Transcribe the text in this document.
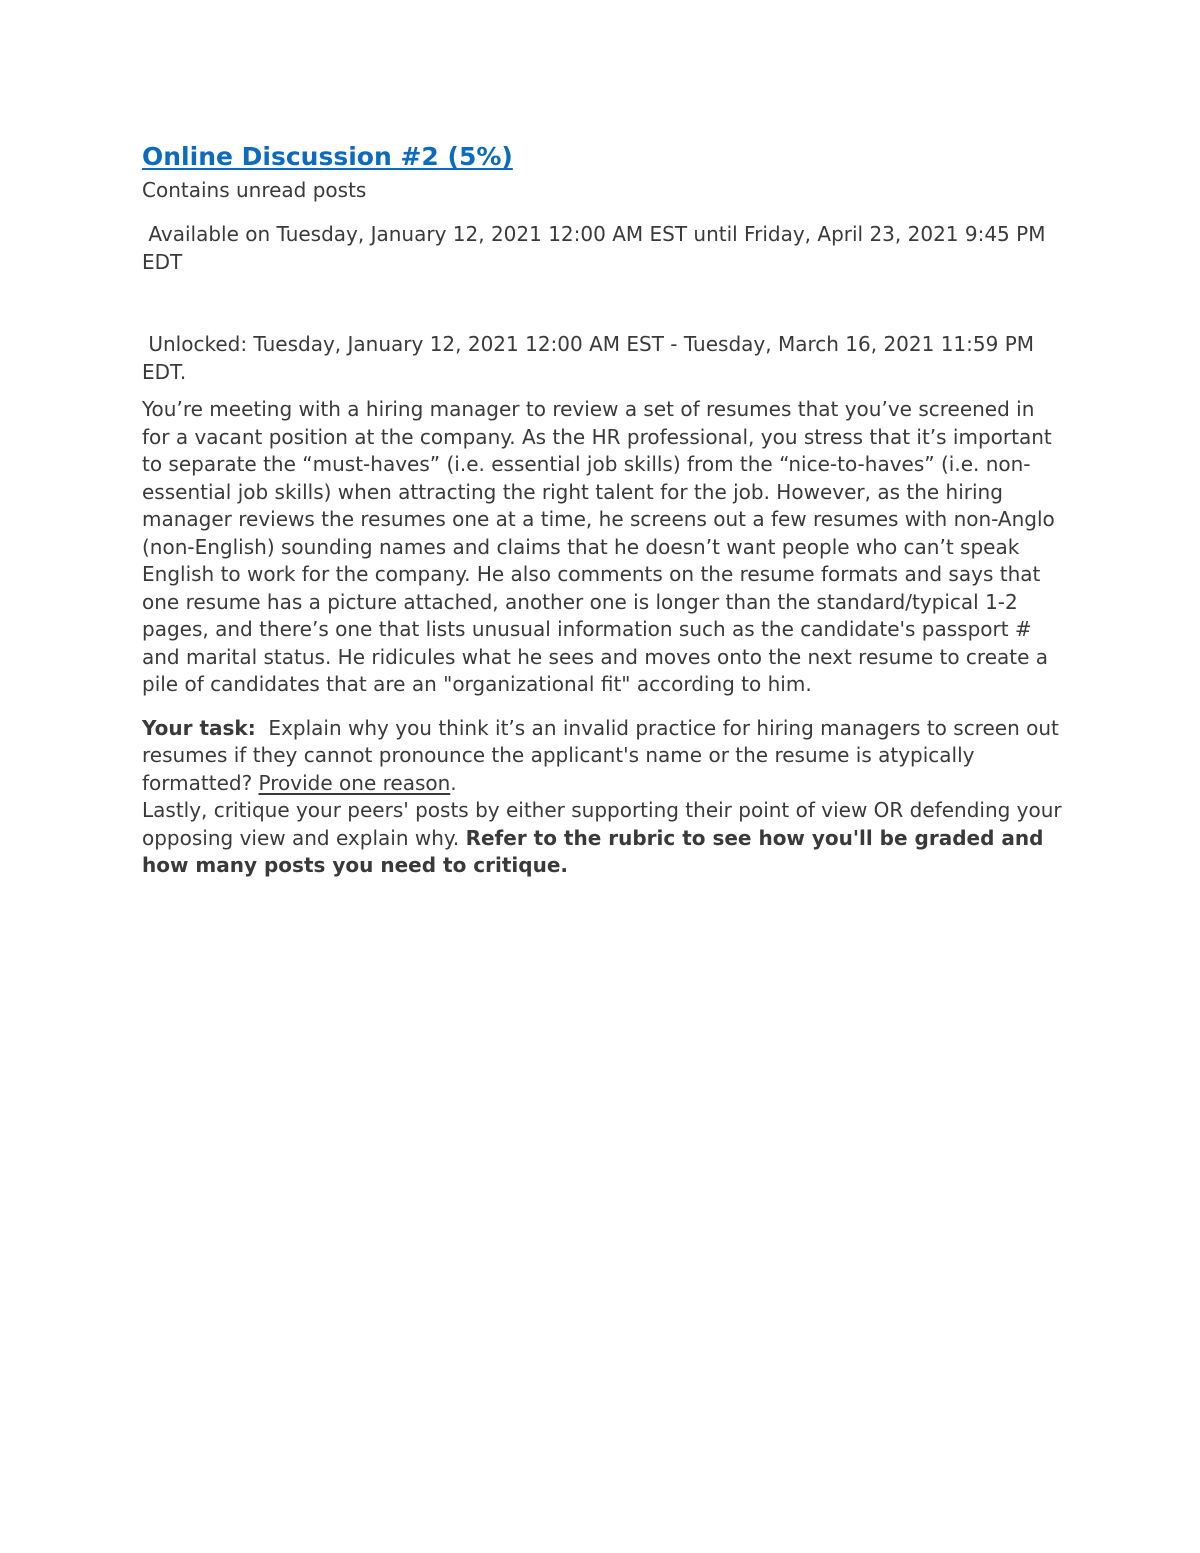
Online Discussion #2 (5%)
Contains unread posts
Available on Tuesday, January 12, 2021 12:00 AM EST until Friday, April 23, 2021 9:45 PM EDT
Unlocked: Tuesday, January 12, 2021 12:00 AM EST - Tuesday, March 16, 2021 11:59 PM EDT.
You’re meeting with a hiring manager to review a set of resumes that you’ve screened in for a vacant position at the company. As the HR professional, you stress that it’s important to separate the “must-haves” (i.e. essential job skills) from the “nice-to-haves” (i.e. non-essential job skills) when attracting the right talent for the job. However, as the hiring manager reviews the resumes one at a time, he screens out a few resumes with non-Anglo (non-English) sounding names and claims that he doesn’t want people who can’t speak English to work for the company. He also comments on the resume formats and says that one resume has a picture attached, another one is longer than the standard/typical 1-2 pages, and there’s one that lists unusual information such as the candidate's passport # and marital status. He ridicules what he sees and moves onto the next resume to create a pile of candidates that are an "organizational fit" according to him.
Your task:  Explain why you think it’s an invalid practice for hiring managers to screen out resumes if they cannot pronounce the applicant's name or the resume is atypically formatted? Provide one reason.
Lastly, critique your peers' posts by either supporting their point of view OR defending your opposing view and explain why. Refer to the rubric to see how you'll be graded and how many posts you need to critique.
